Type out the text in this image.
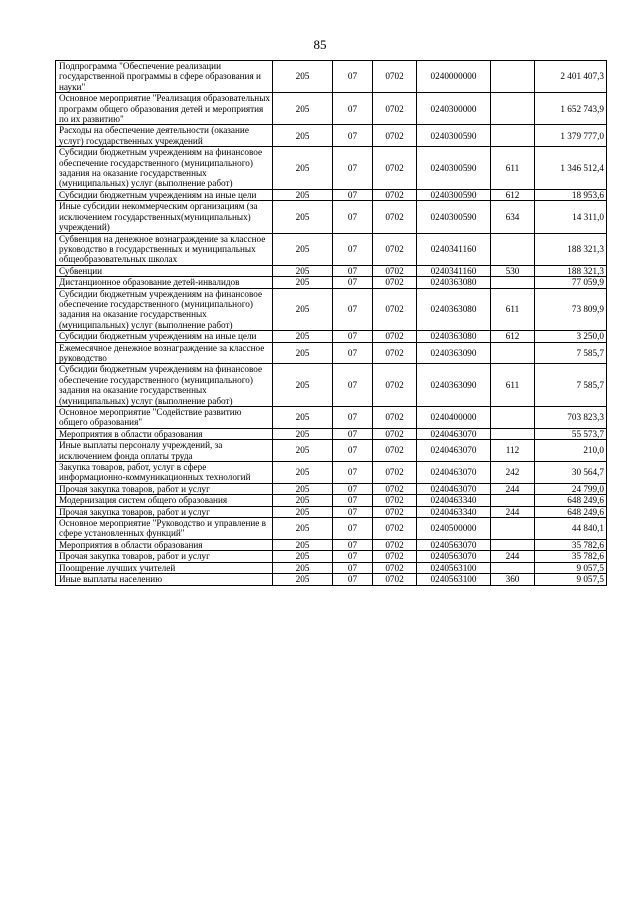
85
Подпрограмма "Обеспечение реализации государственной программы в сфере образования и науки"	205	07	0702	0240000000		2 401 407,3
Основное мероприятие "Реализация образовательных программ общего образования детей и мероприятия по их развитию"	205	07	0702	0240300000		1 652 743,9
Расходы на обеспечение деятельности (оказание услуг) государственных учреждений	205	07	0702	0240300590		1 379 777,0
Субсидии бюджетным учреждениям на финансовое обеспечение государственного (муниципального) задания на оказание государственных (муниципальных) услуг (выполнение работ)	205	07	0702	0240300590	611	1 346 512,4
Субсидии бюджетным учреждениям на иные цели	205	07	0702	0240300590	612	18 953,6
Иные субсидии некоммерческим организациям (за исключением государственных(муниципальных) учреждений)	205	07	0702	0240300590	634	14 311,0
Субвенция на денежное вознаграждение за классное руководство в государственных и муниципальных общеобразовательных школах	205	07	0702	0240341160		188 321,3
Субвенции	205	07	0702	0240341160	530	188 321,3
Дистанционное образование детей-инвалидов	205	07	0702	0240363080		77 059,9
Субсидии бюджетным учреждениям на финансовое обеспечение государственного (муниципального) задания на оказание государственных (муниципальных) услуг (выполнение работ)	205	07	0702	0240363080	611	73 809,9
Субсидии бюджетным учреждениям на иные цели	205	07	0702	0240363080	612	3 250,0
Ежемесячное денежное вознаграждение за классное руководство	205	07	0702	0240363090		7 585,7
Субсидии бюджетным учреждениям на финансовое обеспечение государственного (муниципального) задания на оказание государственных (муниципальных) услуг (выполнение работ)	205	07	0702	0240363090	611	7 585,7
Основное мероприятие "Содействие развитию общего образования"	205	07	0702	0240400000		703 823,3
Мероприятия в области образования	205	07	0702	0240463070		55 573,7
Иные выплаты персоналу учреждений, за исключением фонда оплаты труда	205	07	0702	0240463070	112	210,0
Закупка товаров, работ, услуг в сфере информационно-коммуникационных технологий	205	07	0702	0240463070	242	30 564,7
Прочая закупка товаров, работ и услуг	205	07	0702	0240463070	244	24 799,0
Модернизация систем общего образования	205	07	0702	0240463340		648 249,6
Прочая закупка товаров, работ и услуг	205	07	0702	0240463340	244	648 249,6
Основное мероприятие "Руководство и управление в сфере установленных функций"	205	07	0702	0240500000		44 840,1
Мероприятия в области образования	205	07	0702	0240563070		35 782,6
Прочая закупка товаров, работ и услуг	205	07	0702	0240563070	244	35 782,6
Поощрение лучших учителей	205	07	0702	0240563100		9 057,5
Иные выплаты населению	205	07	0702	0240563100	360	9 057,5
